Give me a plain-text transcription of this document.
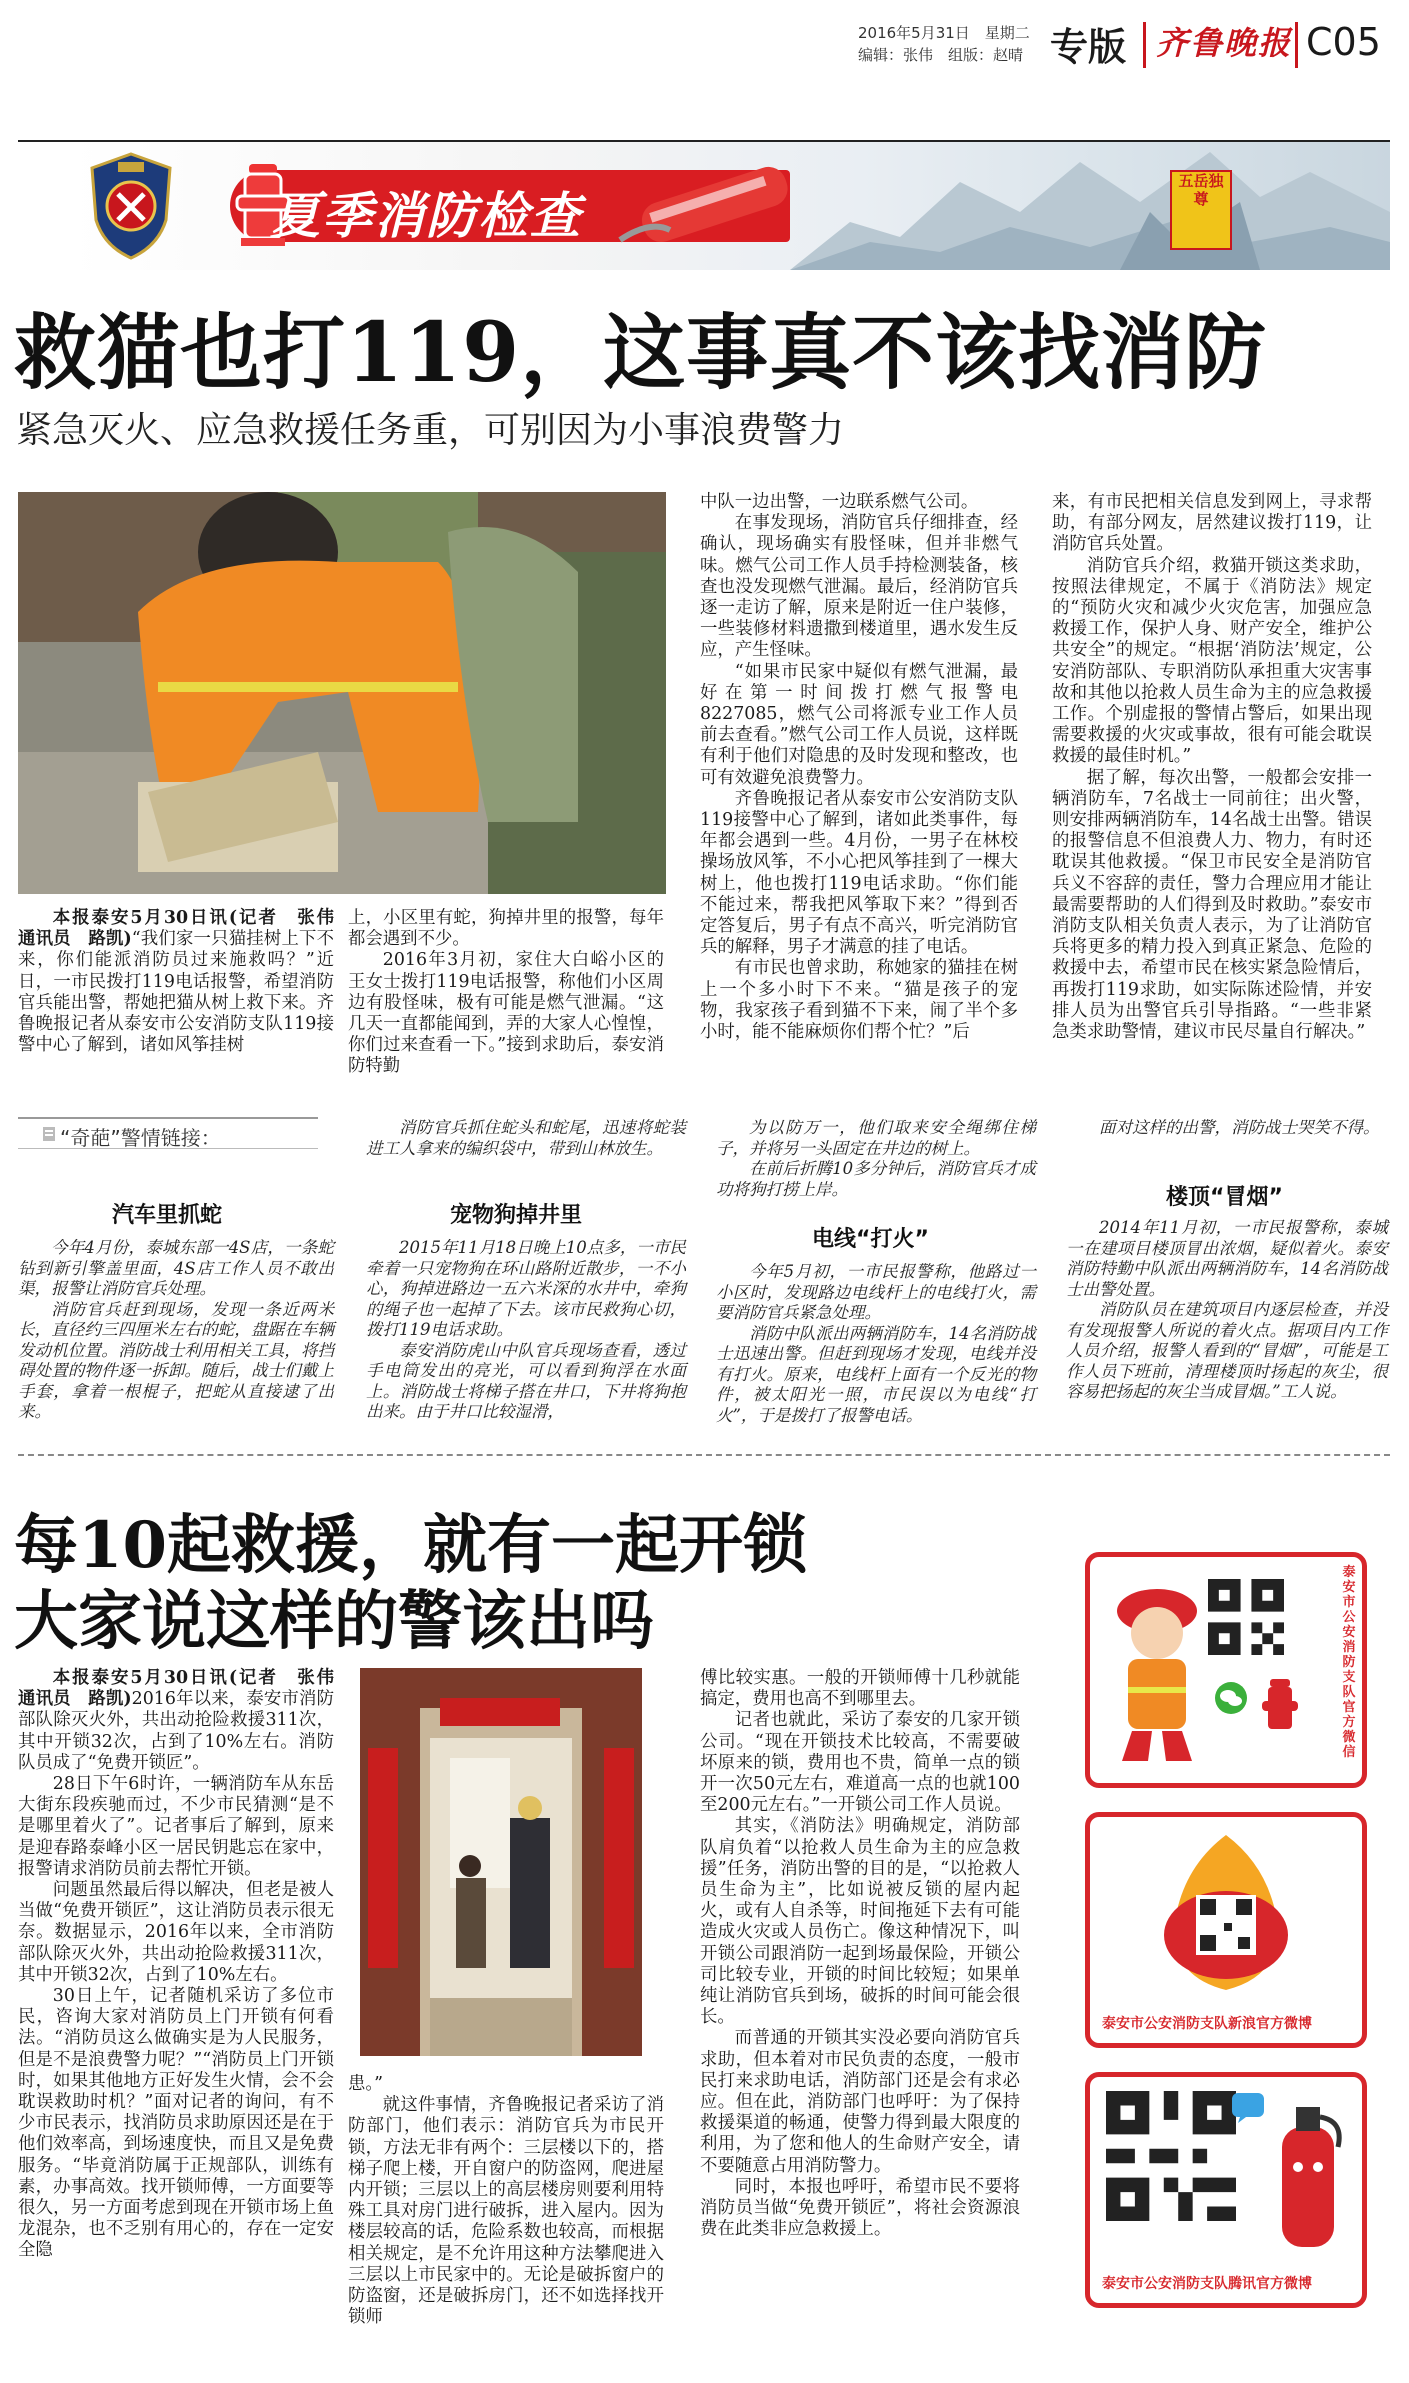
2016年5月31日　星期二
编辑：张伟　组版：赵晴 专版 齐鲁晚报 C05
夏季消防检查
五岳独尊
救猫也打119，这事真不该找消防
紧急灭火、应急救援任务重，可别因为小事浪费警力

本报泰安5月30日讯(记者　张伟　通讯员　路凯)“我们家一只猫挂树上下不来，你们能派消防员过来施救吗？”近日，一市民拨打119电话报警，希望消防官兵能出警，帮她把猫从树上救下来。齐鲁晚报记者从泰安市公安消防支队119接警中心了解到，诸如风筝挂树

上，小区里有蛇，狗掉井里的报警，每年都会遇到不少。

2016年3月初，家住大白峪小区的王女士拨打119电话报警，称他们小区周边有股怪味，极有可能是燃气泄漏。“这几天一直都能闻到，弄的大家人心惶惶，你们过来查看一下。”接到求助后，泰安消防特勤

中队一边出警，一边联系燃气公司。

在事发现场，消防官兵仔细排查，经确认，现场确实有股怪味，但并非燃气味。燃气公司工作人员手持检测装备，核查也没发现燃气泄漏。最后，经消防官兵逐一走访了解，原来是附近一住户装修，一些装修材料遗撒到楼道里，遇水发生反应，产生怪味。

“如果市民家中疑似有燃气泄漏，最好在第一时间拨打燃气报警电8227085，燃气公司将派专业工作人员前去查看。”燃气公司工作人员说，这样既有利于他们对隐患的及时发现和整改，也可有效避免浪费警力。

齐鲁晚报记者从泰安市公安消防支队119接警中心了解到，诸如此类事件，每年都会遇到一些。4月份，一男子在林校操场放风筝，不小心把风筝挂到了一棵大树上，他也拨打119电话求助。“你们能不能过来，帮我把风筝取下来？”得到否定答复后，男子有点不高兴，听完消防官兵的解释，男子才满意的挂了电话。

有市民也曾求助，称她家的猫挂在树上一个多小时下不来。“猫是孩子的宠物，我家孩子看到猫不下来，闹了半个多小时，能不能麻烦你们帮个忙？”后

来，有市民把相关信息发到网上，寻求帮助，有部分网友，居然建议拨打119，让消防官兵处置。

消防官兵介绍，救猫开锁这类求助，按照法律规定，不属于《消防法》规定的“预防火灾和减少火灾危害，加强应急救援工作，保护人身、财产安全，维护公共安全”的规定。“根据‘消防法’规定，公安消防部队、专职消防队承担重大灾害事故和其他以抢救人员生命为主的应急救援工作。个别虚报的警情占警后，如果出现需要救援的火灾或事故，很有可能会耽误救援的最佳时机。”

据了解，每次出警，一般都会安排一辆消防车，7名战士一同前往；出火警，则安排两辆消防车，14名战士出警。错误的报警信息不但浪费人力、物力，有时还耽误其他救援。“保卫市民安全是消防官兵义不容辞的责任，警力合理应用才能让最需要帮助的人们得到及时救助。”泰安市消防支队相关负责人表示，为了让消防官兵将更多的精力投入到真正紧急、危险的救援中去，希望市民在核实紧急险情后，再拨打119求助，如实际陈述险情，并安排人员为出警官兵引导指路。“一些非紧急类求助警情，建议市民尽量自行解决。”

“奇葩”警情链接：
汽车里抓蛇

今年4月份，泰城东部一4S店，一条蛇钻到新引擎盖里面，4S店工作人员不敢出渠，报警让消防官兵处理。

消防官兵赶到现场，发现一条近两米长，直径约三四厘米左右的蛇，盘踞在车辆发动机位置。消防战士利用相关工具，将挡碍处置的物件逐一拆卸。随后，战士们戴上手套，拿着一根棍子，把蛇从直接逮了出来。

消防官兵抓住蛇头和蛇尾，迅速将蛇装进工人拿来的编织袋中，带到山林放生。

宠物狗掉井里

2015年11月18日晚上10点多，一市民牵着一只宠物狗在环山路附近散步，一不小心，狗掉进路边一五六米深的水井中，牵狗的绳子也一起掉了下去。该市民救狗心切，拨打119电话求助。

泰安消防虎山中队官兵现场查看，透过手电筒发出的亮光，可以看到狗浮在水面上。消防战士将梯子搭在井口，下井将狗抱出来。由于井口比较湿滑，

为以防万一，他们取来安全绳绑住梯子，并将另一头固定在井边的树上。

在前后折腾10多分钟后，消防官兵才成功将狗打捞上岸。

电线“打火”

今年5月初，一市民报警称，他路过一小区时，发现路边电线杆上的电线打火，需要消防官兵紧急处理。

消防中队派出两辆消防车，14名消防战士迅速出警。但赶到现场才发现，电线并没有打火。原来，电线杆上面有一个反光的物件，被太阳光一照，市民误以为电线“打火”，于是拨打了报警电话。

面对这样的出警，消防战士哭笑不得。

楼顶“冒烟”

2014年11月初，一市民报警称，泰城一在建项目楼顶冒出浓烟，疑似着火。泰安消防特勤中队派出两辆消防车，14名消防战士出警处置。

消防队员在建筑项目内逐层检查，并没有发现报警人所说的着火点。据项目内工作人员介绍，报警人看到的“冒烟”，可能是工作人员下班前，清理楼顶时扬起的灰尘，很容易把扬起的灰尘当成冒烟。”工人说。

每10起救援，就有一起开锁
大家说这样的警该出吗

本报泰安5月30日讯(记者　张伟　通讯员　路凯)2016年以来，泰安市消防部队除灭火外，共出动抢险救援311次，其中开锁32次，占到了10%左右。消防队员成了“免费开锁匠”。

28日下午6时许，一辆消防车从东岳大街东段疾驰而过，不少市民猜测“是不是哪里着火了”。记者事后了解到，原来是迎春路泰峰小区一居民钥匙忘在家中，报警请求消防员前去帮忙开锁。

问题虽然最后得以解决，但老是被人当做“免费开锁匠”，这让消防员表示很无奈。数据显示，2016年以来，全市消防部队除灭火外，共出动抢险救援311次，其中开锁32次，占到了10%左右。

30日上午，记者随机采访了多位市民，咨询大家对消防员上门开锁有何看法。“消防员这么做确实是为人民服务，但是不是浪费警力呢？”“消防员上门开锁时，如果其他地方正好发生火情，会不会耽误救助时机？”面对记者的询问，有不少市民表示，找消防员求助原因还是在于他们效率高，到场速度快，而且又是免费服务。“毕竟消防属于正规部队，训练有素，办事高效。找开锁师傅，一方面要等很久，另一方面考虑到现在开锁市场上鱼龙混杂，也不乏别有用心的，存在一定安全隐

患。”

就这件事情，齐鲁晚报记者采访了消防部门，他们表示：消防官兵为市民开锁，方法无非有两个：三层楼以下的，搭梯子爬上楼，开自窗户的防盗网，爬进屋内开锁；三层以上的高层楼房则要利用特殊工具对房门进行破拆，进入屋内。因为楼层较高的话，危险系数也较高，而根据相关规定，是不允许用这种方法攀爬进入三层以上市民家中的。无论是破拆窗户的防盗窗，还是破拆房门，还不如选择找开锁师

傅比较实惠。一般的开锁师傅十几秒就能搞定，费用也高不到哪里去。

记者也就此，采访了泰安的几家开锁公司。“现在开锁技术比较高，不需要破坏原来的锁，费用也不贵，简单一点的锁开一次50元左右，难道高一点的也就100至200元左右。”一开锁公司工作人员说。

其实，《消防法》明确规定，消防部队肩负着“以抢救人员生命为主的应急救援”任务，消防出警的目的是，“以抢救人员生命为主”，比如说被反锁的屋内起火，或有人自杀等，时间拖延下去有可能造成火灾或人员伤亡。像这种情况下，叫开锁公司跟消防一起到场最保险，开锁公司比较专业，开锁的时间比较短；如果单纯让消防官兵到场，破拆的时间可能会很长。

而普通的开锁其实没必要向消防官兵求助，但本着对市民负责的态度，一般市民打来求助电话，消防部门还是会有求必应。但在此，消防部门也呼吁：为了保持救援渠道的畅通，使警力得到最大限度的利用，为了您和他人的生命财产安全，请不要随意占用消防警力。

同时，本报也呼吁，希望市民不要将消防员当做“免费开锁匠”，将社会资源浪费在此类非应急救援上。

泰安市公安消防支队官方微信
泰安市公安消防支队新浪官方微博
泰安市公安消防支队腾讯官方微博
